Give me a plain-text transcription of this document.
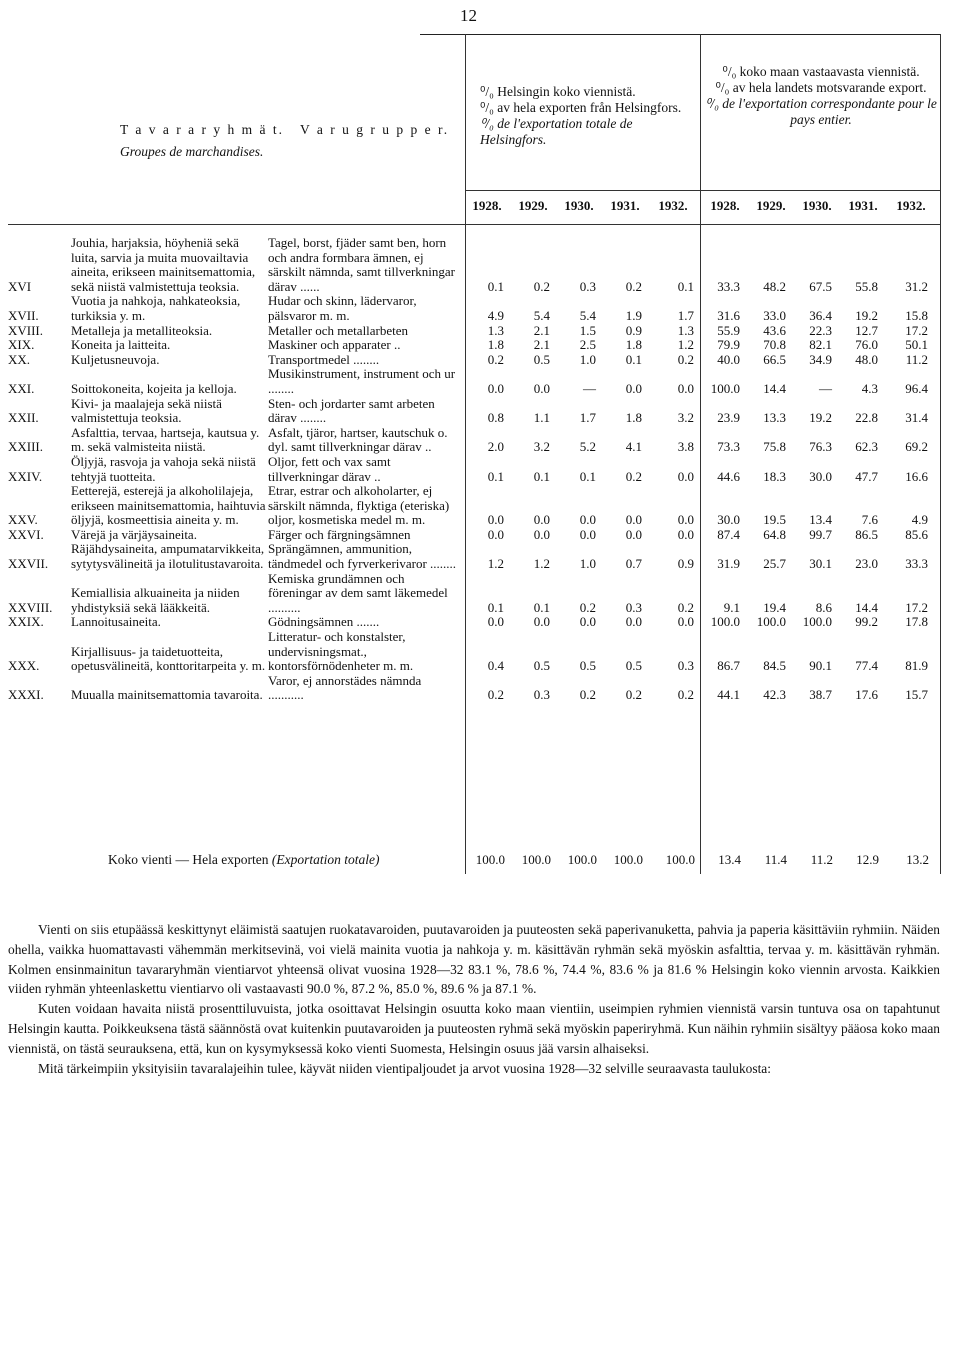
12
T a v a r a r y h m ä t. V a r u g r u p p e r.
Groupes de marchandises.
⁰/₀ Helsingin koko viennistä.
⁰/₀ av hela exporten från Helsingfors.
⁰/₀ de l'exportation totale de Helsingfors.
⁰/₀ koko maan vastaavasta viennistä.
⁰/₀ av hela landets motsvarande export.
⁰/₀ de l'exportation correspondante pour le pays entier.
1928.	1929.	1930.	1931.	1932.	1928.	1929.	1930.	1931.	1932.
XVI	Jouhia, harjaksia, höyheniä sekä luita, sarvia ja muita muovailtavia aineita, erikseen mainitsemattomia, sekä niistä valmistettuja teoksia.	Tagel, borst, fjäder samt ben, horn och andra formbara ämnen, ej särskilt nämnda, samt tillverkningar därav ......	0.1	0.2	0.3	0.2	0.1	33.3	48.2	67.5	55.8	31.2
XVII.	Vuotia ja nahkoja, nahkateoksia, turkiksia y. m.	Hudar och skinn, lädervaror, pälsvaror m. m.	4.9	5.4	5.4	1.9	1.7	31.6	33.0	36.4	19.2	15.8
XVIII.	Metalleja ja metalliteoksia.	Metaller och metallarbeten	1.3	2.1	1.5	0.9	1.3	55.9	43.6	22.3	12.7	17.2
XIX.	Koneita ja laitteita.	Maskiner och apparater ..	1.8	2.1	2.5	1.8	1.2	79.9	70.8	82.1	76.0	50.1
XX.	Kuljetusneuvoja.	Transportmedel ........	0.2	0.5	1.0	0.1	0.2	40.0	66.5	34.9	48.0	11.2
XXI.	Soittokoneita, kojeita ja kelloja.	Musikinstrument, instrument och ur ........	0.0	0.0	—	0.0	0.0	100.0	14.4	—	4.3	96.4
XXII.	Kivi- ja maalajeja sekä niistä valmistettuja teoksia.	Sten- och jordarter samt arbeten därav ........	0.8	1.1	1.7	1.8	3.2	23.9	13.3	19.2	22.8	31.4
XXIII.	Asfalttia, tervaa, hartseja, kautsua y. m. sekä valmisteita niistä.	Asfalt, tjäror, hartser, kautschuk o. dyl. samt tillverkningar därav ..	2.0	3.2	5.2	4.1	3.8	73.3	75.8	76.3	62.3	69.2
XXIV.	Öljyjä, rasvoja ja vahoja sekä niistä tehtyjä tuotteita.	Oljor, fett och vax samt tillverkningar därav ..	0.1	0.1	0.1	0.2	0.0	44.6	18.3	30.0	47.7	16.6
XXV.	Eetterejä, esterejä ja alkoholilajeja, erikseen mainitsemattomia, haihtuvia öljyjä, kosmeettisia aineita y. m.	Etrar, estrar och alkoholarter, ej särskilt nämnda, flyktiga (eteriska) oljor, kosmetiska medel m. m.	0.0	0.0	0.0	0.0	0.0	30.0	19.5	13.4	7.6	4.9
XXVI.	Värejä ja värjäysaineita.	Färger och färgningsämnen	0.0	0.0	0.0	0.0	0.0	87.4	64.8	99.7	86.5	85.6
XXVII.	Räjähdysaineita, ampumatarvikkeita, sytytysvälineitä ja ilotulitustavaroita.	Sprängämnen, ammunition, tändmedel och fyrverkerivaror ........	1.2	1.2	1.0	0.7	0.9	31.9	25.7	30.1	23.0	33.3
XXVIII.	Kemiallisia alkuaineita ja niiden yhdistyksiä sekä lääkkeitä.	Kemiska grundämnen och föreningar av dem samt läkemedel ..........	0.1	0.1	0.2	0.3	0.2	9.1	19.4	8.6	14.4	17.2
XXIX.	Lannoitusaineita.	Gödningsämnen .......	0.0	0.0	0.0	0.0	0.0	100.0	100.0	100.0	99.2	17.8
XXX.	Kirjallisuus- ja taidetuotteita, opetusvälineitä, konttoritarpeita y. m.	Litteratur- och konstalster, undervisningsmat., kontorsförnödenheter m. m.	0.4	0.5	0.5	0.5	0.3	86.7	84.5	90.1	77.4	81.9
XXXI.	Muualla mainitsemattomia tavaroita.	Varor, ej annorstädes nämnda ...........	0.2	0.3	0.2	0.2	0.2	44.1	42.3	38.7	17.6	15.7
Koko vienti — Hela exporten (Exportation totale)	100.0	100.0	100.0	100.0	100.0	13.4	11.4	11.2	12.9	13.2

Vienti on siis etupäässä keskittynyt eläimistä saatujen ruokatavaroiden, puutavaroiden ja puuteosten sekä paperivanuketta, pahvia ja paperia käsittäviin ryhmiin. Näiden ohella, vaikka huomattavasti vähemmän merkitsevinä, voi vielä mainita vuotia ja nahkoja y. m. käsittävän ryhmän sekä myöskin asfalttia, tervaa y. m. käsittävän ryhmän. Kolmen ensinmainitun tavararyhmän vientiarvot yhteensä olivat vuosina 1928—32 83.1 %, 78.6 %, 74.4 %, 83.6 % ja 81.6 % Helsingin koko viennin arvosta. Kaikkien viiden ryhmän yhteenlaskettu vientiarvo oli vastaavasti 90.0 %, 87.2 %, 85.0 %, 89.6 % ja 87.1 %.

Kuten voidaan havaita niistä prosenttiluvuista, jotka osoittavat Helsingin osuutta koko maan vientiin, useimpien ryhmien viennistä varsin tuntuva osa on tapahtunut Helsingin kautta. Poikkeuksena tästä säännöstä ovat kuitenkin puutavaroiden ja puuteosten ryhmä sekä myöskin paperiryhmä. Kun näihin ryhmiin sisältyy pääosa koko maan viennistä, on tästä seurauksena, että, kun on kysymyksessä koko vienti Suomesta, Helsingin osuus jää varsin alhaiseksi.

Mitä tärkeimpiin yksityisiin tavaralajeihin tulee, käyvät niiden vientipaljoudet ja arvot vuosina 1928—32 selville seuraavasta taulukosta:
